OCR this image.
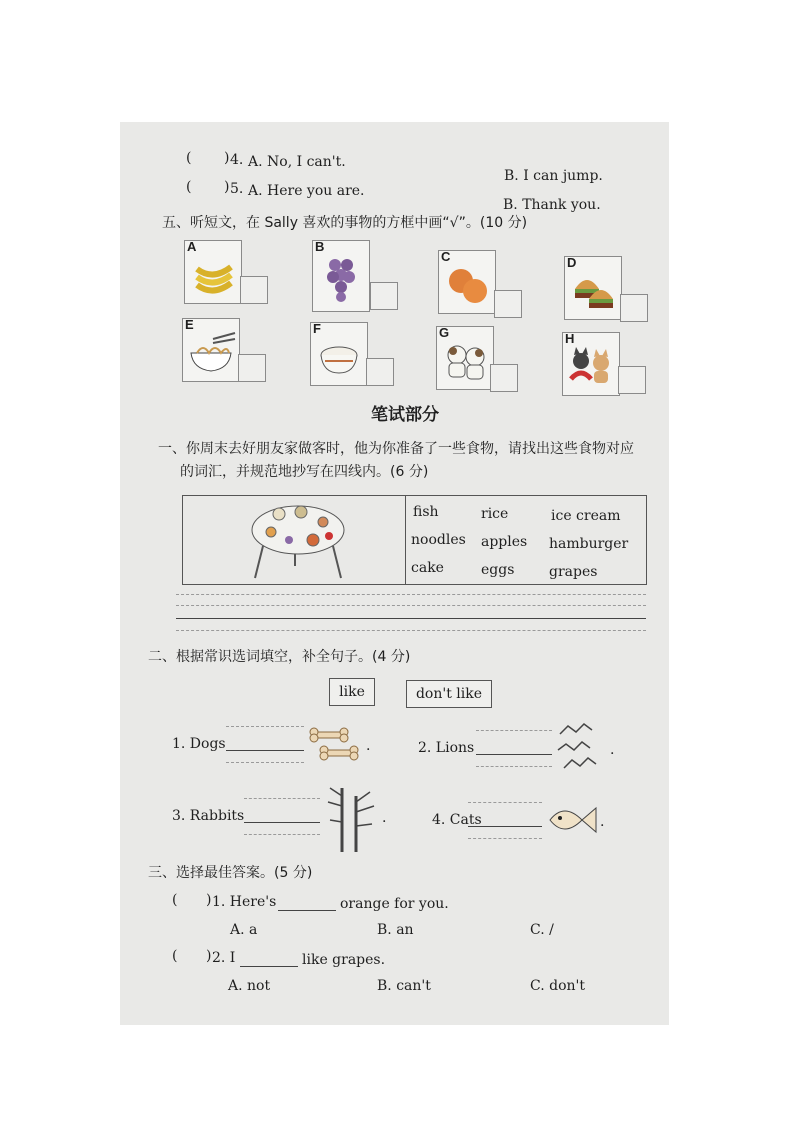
( ) 4. A. No, I can't.
B. I can jump.
( ) 5. A. Here you are.
B. Thank you.
五、听短文，在 Sally 喜欢的事物的方框中画“√”。(10 分)
A	B
C	D
E	F	G	H
笔试部分
一、你周末去好朋友家做客时，他为你准备了一些食物，请找出这些食物对应
的词汇，并规范地抄写在四线内。(6 分)
fish	rice	ice cream
noodles apples hamburger
cake	eggs grapes
二、根据常识选词填空，补全句子。(4 分)
like	don't like
1. Dogs	.	2. Lions	.
3. Rabbits	.	4. Cats	.
三、选择最佳答案。(5 分)
( ) 1. Here's	orange for you.
A. a	B. an	C. /
( ) 2. I	like grapes.
A. not	B. can't	C. don't
